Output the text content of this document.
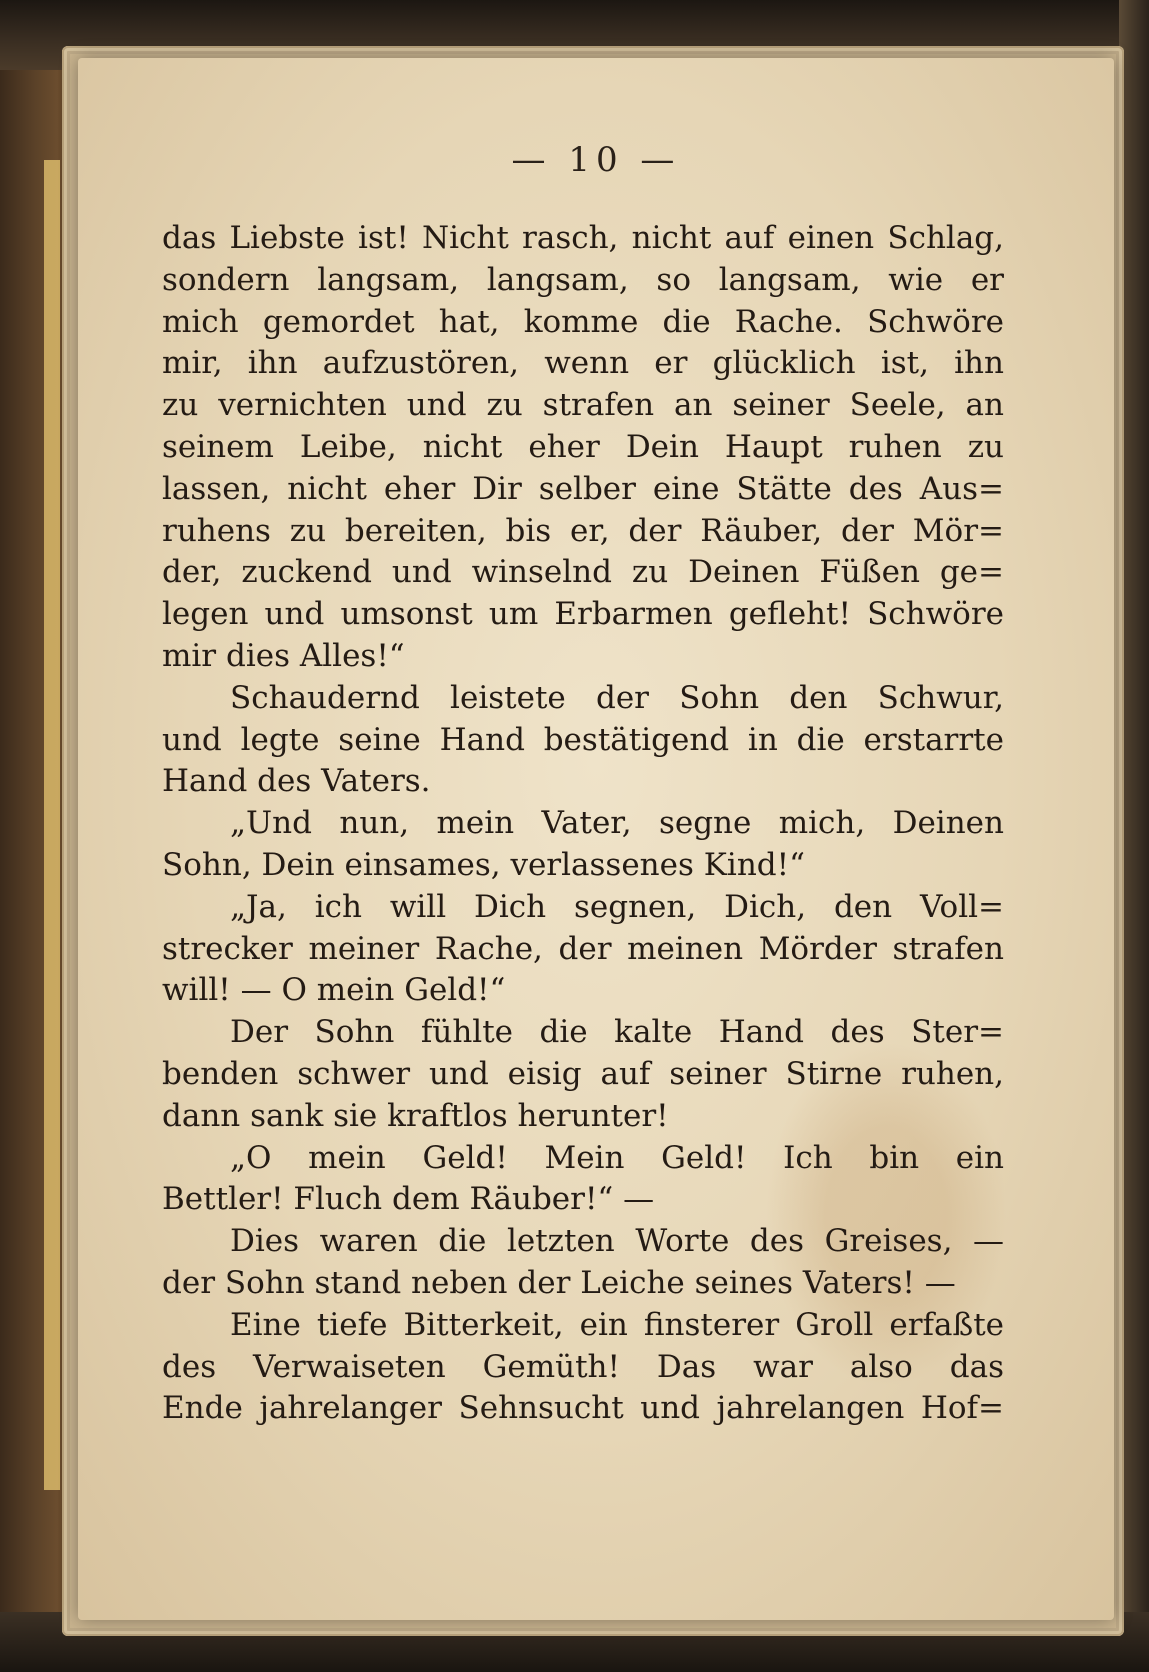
— 10 —
das Liebste ist! Nicht rasch, nicht auf einen Schlag,
sondern langsam, langsam, so langsam, wie er
mich gemordet hat, komme die Rache. Schwöre
mir, ihn aufzustören, wenn er glücklich ist, ihn
zu vernichten und zu strafen an seiner Seele, an
seinem Leibe, nicht eher Dein Haupt ruhen zu
lassen, nicht eher Dir selber eine Stätte des Aus=
ruhens zu bereiten, bis er, der Räuber, der Mör=
der, zuckend und winselnd zu Deinen Füßen ge=
legen und umsonst um Erbarmen gefleht! Schwöre
mir dies Alles!“
Schaudernd leistete der Sohn den Schwur,
und legte seine Hand bestätigend in die erstarrte
Hand des Vaters.
„Und nun, mein Vater, segne mich, Deinen
Sohn, Dein einsames, verlassenes Kind!“
„Ja, ich will Dich segnen, Dich, den Voll=
strecker meiner Rache, der meinen Mörder strafen
will! — O mein Geld!“
Der Sohn fühlte die kalte Hand des Ster=
benden schwer und eisig auf seiner Stirne ruhen,
dann sank sie kraftlos herunter!
„O mein Geld! Mein Geld! Ich bin ein
Bettler! Fluch dem Räuber!“ —
Dies waren die letzten Worte des Greises, —
der Sohn stand neben der Leiche seines Vaters! —
Eine tiefe Bitterkeit, ein finsterer Groll erfaßte
des Verwaiseten Gemüth! Das war also das
Ende jahrelanger Sehnsucht und jahrelangen Hof=
